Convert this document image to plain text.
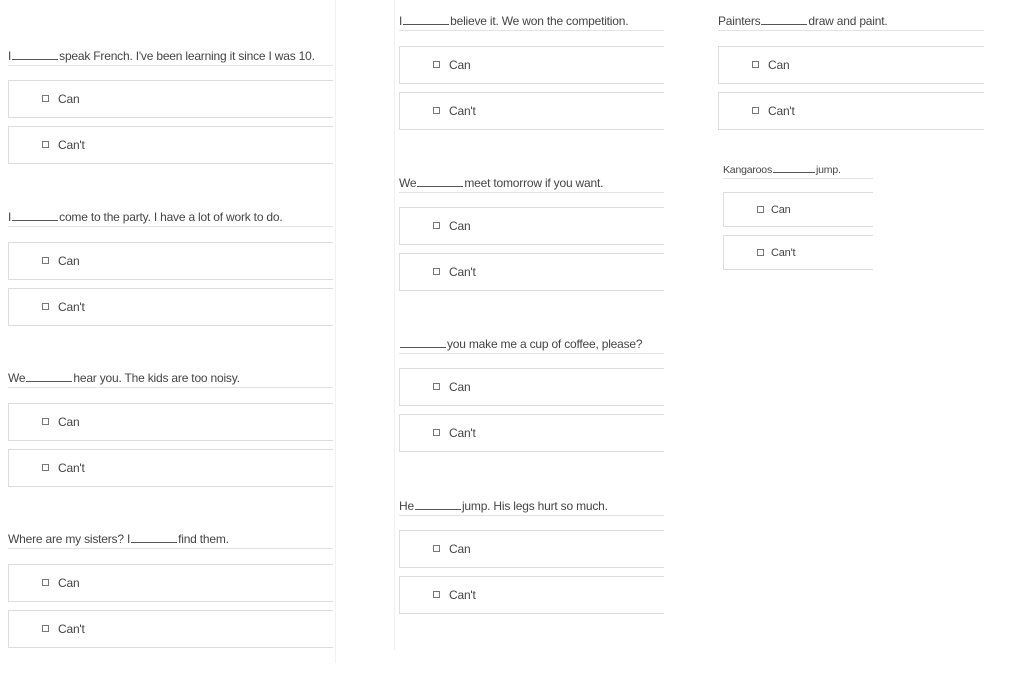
I	speak French. I've been learning it since I was 10.
Can
Can't
I	come to the party. I have a lot of work to do.
Can
Can't
We	hear you. The kids are too noisy.
Can
Can't
Where are my sisters? I	find them.
Can
Can't
I	believe it. We won the competition.
Can
Can't
We	meet tomorrow if you want.
Can
Can't
you make me a cup of coffee, please?
Can
Can't
He	jump. His legs hurt so much.
Can
Can't
Painters	draw and paint.
Can
Can't
Kangaroos	jump.
Can
Can't
